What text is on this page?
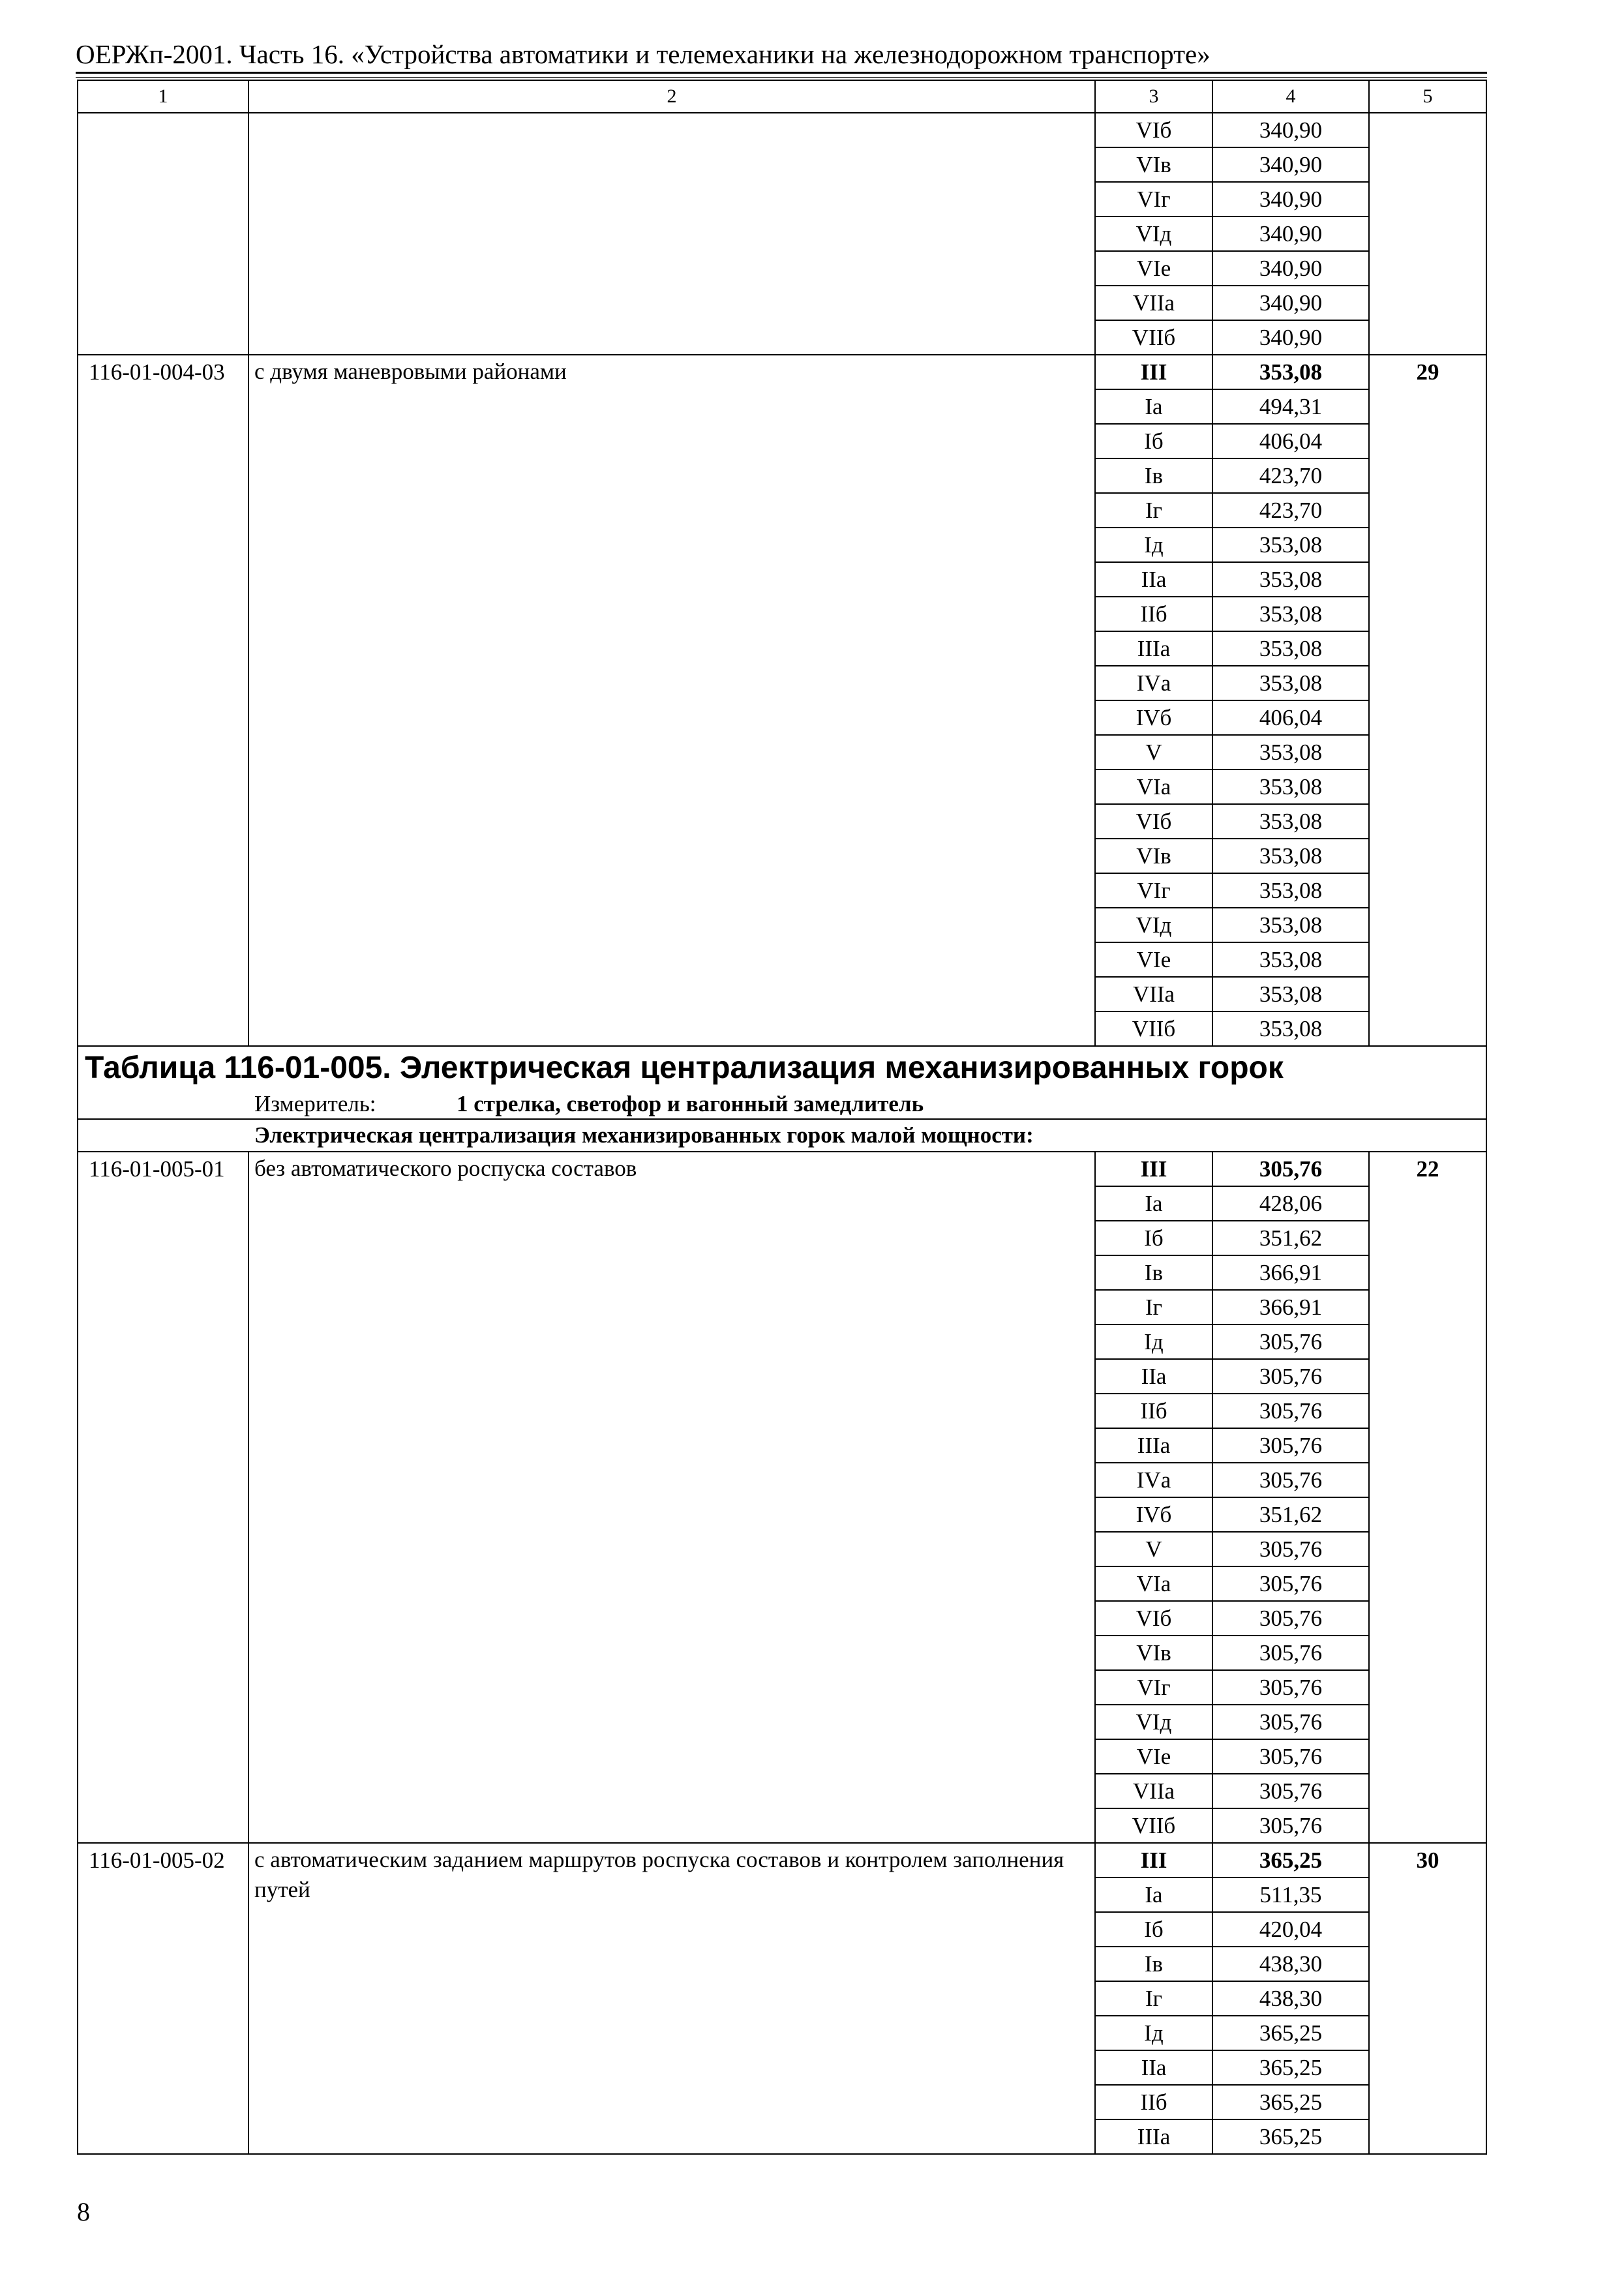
ОЕРЖп-2001. Часть 16. «Устройства автоматики и телемеханики на железнодорожном транспорте»
1	2	3	4	5
		VIб	340,90	
		VIв	340,90	
		VIг	340,90	
		VIд	340,90	
		VIе	340,90	
		VIIа	340,90	
		VIIб	340,90	
116-01-004-03	с двумя маневровыми районами	III	353,08	29
		Iа	494,31	
		Iб	406,04	
		Iв	423,70	
		Iг	423,70	
		Iд	353,08	
		IIа	353,08	
		IIб	353,08	
		IIIа	353,08	
		IVа	353,08	
		IVб	406,04	
		V	353,08	
		VIа	353,08	
		VIб	353,08	
		VIв	353,08	
		VIг	353,08	
		VIд	353,08	
		VIе	353,08	
		VIIа	353,08	
		VIIб	353,08	
Таблица 116-01-005. Электрическая централизация механизированных горок				
Измеритель: 1 стрелка, светофор и вагонный замедлитель				
Электрическая централизация механизированных горок малой мощности:				
116-01-005-01	без автоматического роспуска составов	III	305,76	22
		Iа	428,06	
		Iб	351,62	
		Iв	366,91	
		Iг	366,91	
		Iд	305,76	
		IIа	305,76	
		IIб	305,76	
		IIIа	305,76	
		IVа	305,76	
		IVб	351,62	
		V	305,76	
		VIа	305,76	
		VIб	305,76	
		VIв	305,76	
		VIг	305,76	
		VIд	305,76	
		VIе	305,76	
		VIIа	305,76	
		VIIб	305,76	
116-01-005-02	с автоматическим заданием маршрутов роспуска составов и контролем заполнения путей	III	365,25	30
		Iа	511,35	
		Iб	420,04	
		Iв	438,30	
		Iг	438,30	
		Iд	365,25	
		IIа	365,25	
		IIб	365,25	
		IIIа	365,25	
8
